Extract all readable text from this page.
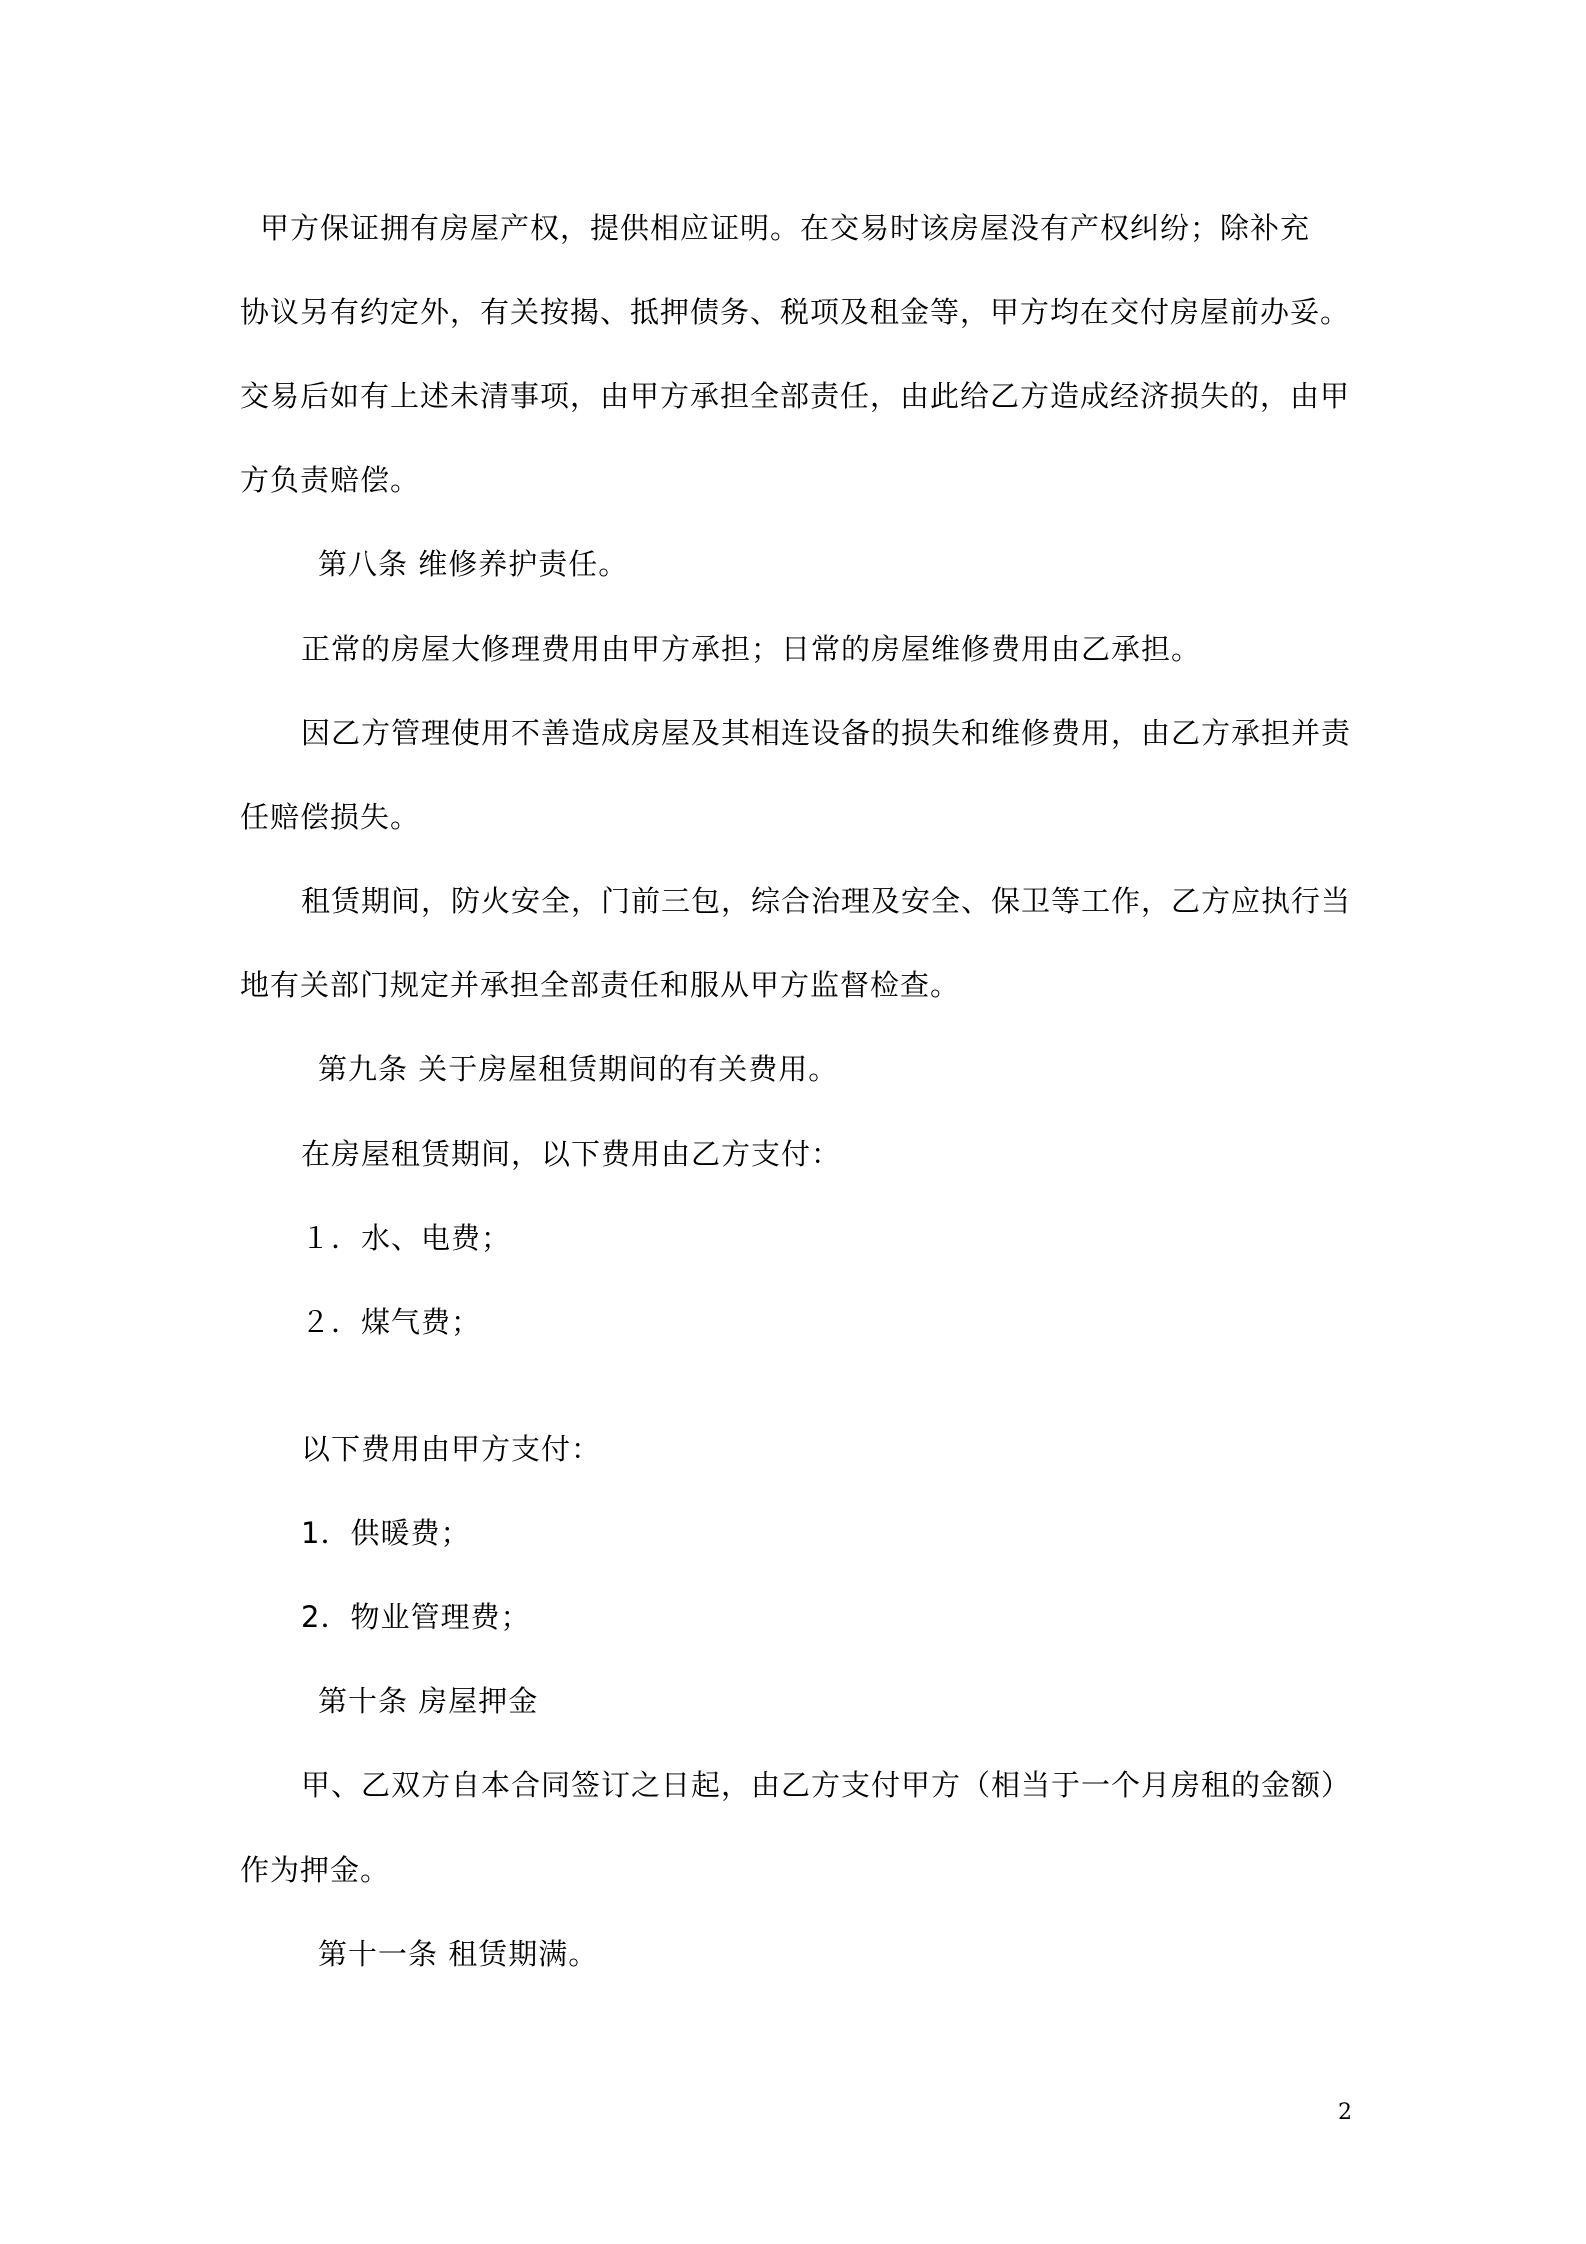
甲方保证拥有房屋产权，提供相应证明。在交易时该房屋没有产权纠纷；除补充
协议另有约定外，有关按揭、抵押债务、税项及租金等，甲方均在交付房屋前办妥。
交易后如有上述未清事项，由甲方承担全部责任，由此给乙方造成经济损失的，由甲
方负责赔偿。
第八条 维修养护责任。
正常的房屋大修理费用由甲方承担；日常的房屋维修费用由乙承担。
因乙方管理使用不善造成房屋及其相连设备的损失和维修费用，由乙方承担并责
任赔偿损失。
租赁期间，防火安全，门前三包，综合治理及安全、保卫等工作，乙方应执行当
地有关部门规定并承担全部责任和服从甲方监督检查。
第九条 关于房屋租赁期间的有关费用。
在房屋租赁期间，以下费用由乙方支付：
１．水、电费；
２．煤气费；
以下费用由甲方支付：
1．供暖费；
2．物业管理费；
第十条 房屋押金
甲、乙双方自本合同签订之日起，由乙方支付甲方（相当于一个月房租的金额）
作为押金。
第十一条 租赁期满。
2
